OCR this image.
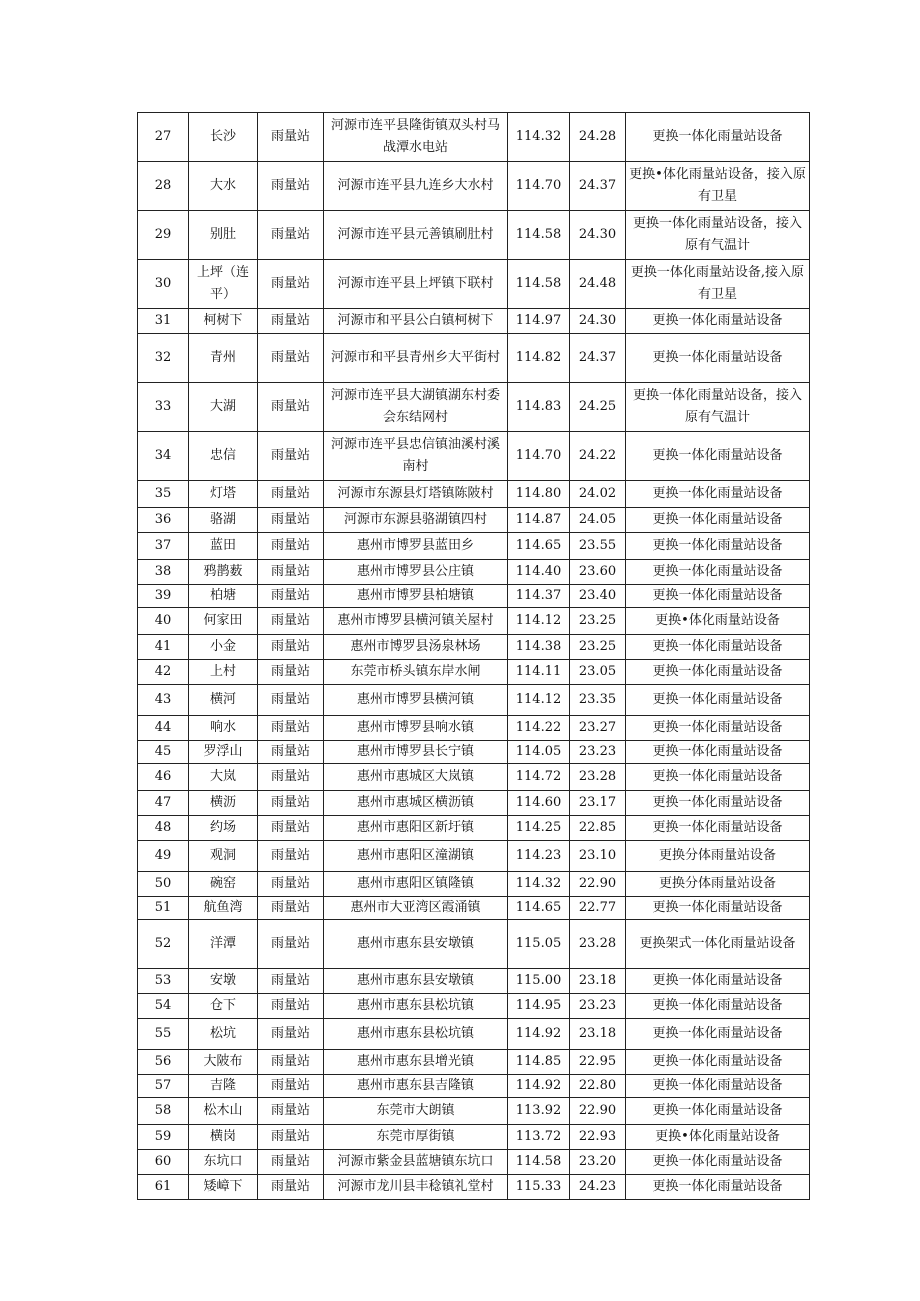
27	长沙	雨量站	河源市连平县隆街镇双头村马战潭水电站	114.32	24.28	更换一体化雨量站设备
28	大水	雨量站	河源市连平县九连乡大水村	114.70	24.37	更换•体化雨量站设备，接入原有卫星
29	别肚	雨量站	河源市连平县元善镇刷肚村	114.58	24.30	更换一体化雨量站设备，接入原有气温计
30	上坪（连平）	雨量站	河源市连平县上坪镇下联村	114.58	24.48	更换一体化雨量站设备,接入原有卫星
31	柯树下	雨量站	河源市和平县公白镇柯树下	114.97	24.30	更换一体化雨量站设备
32	青州	雨量站	河源市和平县青州乡大平街村	114.82	24.37	更换一体化雨量站设备
33	大湖	雨量站	河源市连平县大湖镇湖东村委会东结网村	114.83	24.25	更换一体化雨量站设备，接入原有气温计
34	忠信	雨量站	河源市连平县忠信镇油溪村溪南村	114.70	24.22	更换一体化雨量站设备
35	灯塔	雨量站	河源市东源县灯塔镇陈陂村	114.80	24.02	更换一体化雨量站设备
36	骆湖	雨量站	河源市东源县骆湖镇四村	114.87	24.05	更换一体化雨量站设备
37	蓝田	雨量站	惠州市博罗县蓝田乡	114.65	23.55	更换一体化雨量站设备
38	鸦鹊薮	雨量站	惠州市博罗县公庄镇	114.40	23.60	更换一体化雨量站设备
39	柏塘	雨量站	惠州市博罗县柏塘镇	114.37	23.40	更换一体化雨量站设备
40	何家田	雨量站	惠州市博罗县横河镇关屋村	114.12	23.25	更换•体化雨量站设备
41	小金	雨量站	惠州市博罗县汤泉林场	114.38	23.25	更换一体化雨量站设备
42	上村	雨量站	东莞市桥头镇东岸水闸	114.11	23.05	更换一体化雨量站设备
43	横河	雨量站	惠州市博罗县横河镇	114.12	23.35	更换一体化雨量站设备
44	响水	雨量站	惠州市博罗县响水镇	114.22	23.27	更换一体化雨量站设备
45	罗浮山	雨量站	惠州市博罗县长宁镇	114.05	23.23	更换一体化雨量站设备
46	大岚	雨量站	惠州市惠城区大岚镇	114.72	23.28	更换一体化雨量站设备
47	横沥	雨量站	惠州市惠城区横沥镇	114.60	23.17	更换一体化雨量站设备
48	约场	雨量站	惠州市惠阳区新圩镇	114.25	22.85	更换一体化雨量站设备
49	观洞	雨量站	惠州市惠阳区潼湖镇	114.23	23.10	更换分体雨量站设备
50	碗窑	雨量站	惠州市惠阳区镇隆镇	114.32	22.90	更换分体雨量站设备
51	航鱼湾	雨量站	惠州市大亚湾区霞涌镇	114.65	22.77	更换一体化雨量站设备
52	洋潭	雨量站	惠州市惠东县安墩镇	115.05	23.28	更换架式一体化雨量站设备
53	安墩	雨量站	惠州市惠东县安墩镇	115.00	23.18	更换一体化雨量站设备
54	仓下	雨量站	惠州市惠东县松坑镇	114.95	23.23	更换一体化雨量站设备
55	松坑	雨量站	惠州市惠东县松坑镇	114.92	23.18	更换一体化雨量站设备
56	大陂布	雨量站	惠州市惠东县增光镇	114.85	22.95	更换一体化雨量站设备
57	吉隆	雨量站	惠州市惠东县吉隆镇	114.92	22.80	更换一体化雨量站设备
58	松木山	雨量站	东莞市大朗镇	113.92	22.90	更换一体化雨量站设备
59	横岗	雨量站	东莞市厚街镇	113.72	22.93	更换•体化雨量站设备
60	东坑口	雨量站	河源市紫金县蓝塘镇东坑口	114.58	23.20	更换一体化雨量站设备
61	矮嶂下	雨量站	河源市龙川县丰稔镇礼堂村	115.33	24.23	更换一体化雨量站设备
